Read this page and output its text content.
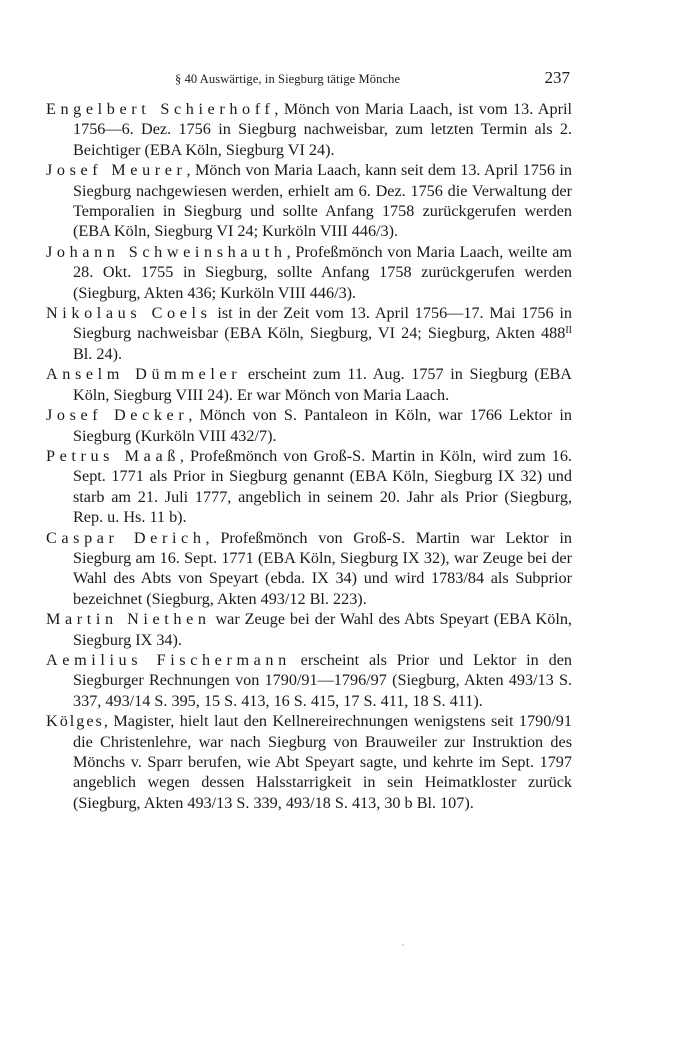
§ 40 Auswärtige, in Siegburg tätige Mönche	237

Engelbert Schierhoff, Mönch von Maria Laach, ist vom 13. April 1756—6. Dez. 1756 in Siegburg nachweisbar, zum letzten Termin als 2. Beichtiger (EBA Köln, Siegburg VI 24).

Josef Meurer, Mönch von Maria Laach, kann seit dem 13. April 1756 in Siegburg nachgewiesen werden, erhielt am 6. Dez. 1756 die Verwaltung der Temporalien in Siegburg und sollte Anfang 1758 zurückgerufen werden (EBA Köln, Siegburg VI 24; Kurköln VIII 446/3).

Johann Schweinshauth, Profeßmönch von Maria Laach, weilte am 28. Okt. 1755 in Siegburg, sollte Anfang 1758 zurückgerufen werden (Siegburg, Akten 436; Kurköln VIII 446/3).

Nikolaus Coels ist in der Zeit vom 13. April 1756—17. Mai 1756 in Siegburg nachweisbar (EBA Köln, Siegburg, VI 24; Siegburg, Akten $488^{II}$ Bl. 24).

Anselm Dümmeler erscheint zum 11. Aug. 1757 in Siegburg (EBA Köln, Siegburg VIII 24). Er war Mönch von Maria Laach.

Josef Decker, Mönch von S. Pantaleon in Köln, war 1766 Lektor in Siegburg (Kurköln VIII 432/7).

Petrus Maaß, Profeßmönch von Groß-S. Martin in Köln, wird zum 16. Sept. 1771 als Prior in Siegburg genannt (EBA Köln, Siegburg IX 32) und starb am 21. Juli 1777, angeblich in seinem 20. Jahr als Prior (Siegburg, Rep. u. Hs. 11 b).

Caspar Derich, Profeßmönch von Groß-S. Martin war Lektor in Siegburg am 16. Sept. 1771 (EBA Köln, Siegburg IX 32), war Zeuge bei der Wahl des Abts von Speyart (ebda. IX 34) und wird 1783/84 als Subprior bezeichnet (Siegburg, Akten 493/12 Bl. 223).

Martin Niethen war Zeuge bei der Wahl des Abts Speyart (EBA Köln, Siegburg IX 34).

Aemilius Fischermann erscheint als Prior und Lektor in den Siegburger Rechnungen von 1790/91—1796/97 (Siegburg, Akten 493/13 S. 337, 493/14 S. 395, 15 S. 413, 16 S. 415, 17 S. 411, 18 S. 411).

Kölges, Magister, hielt laut den Kellnereirechnungen wenigstens seit 1790/91 die Christenlehre, war nach Siegburg von Brauweiler zur Instruktion des Mönchs v. Sparr berufen, wie Abt Speyart sagte, und kehrte im Sept. 1797 angeblich wegen dessen Halsstarrigkeit in sein Heimatkloster zurück (Siegburg, Akten 493/13 S. 339, 493/18 S. 413, 30 b Bl. 107).
